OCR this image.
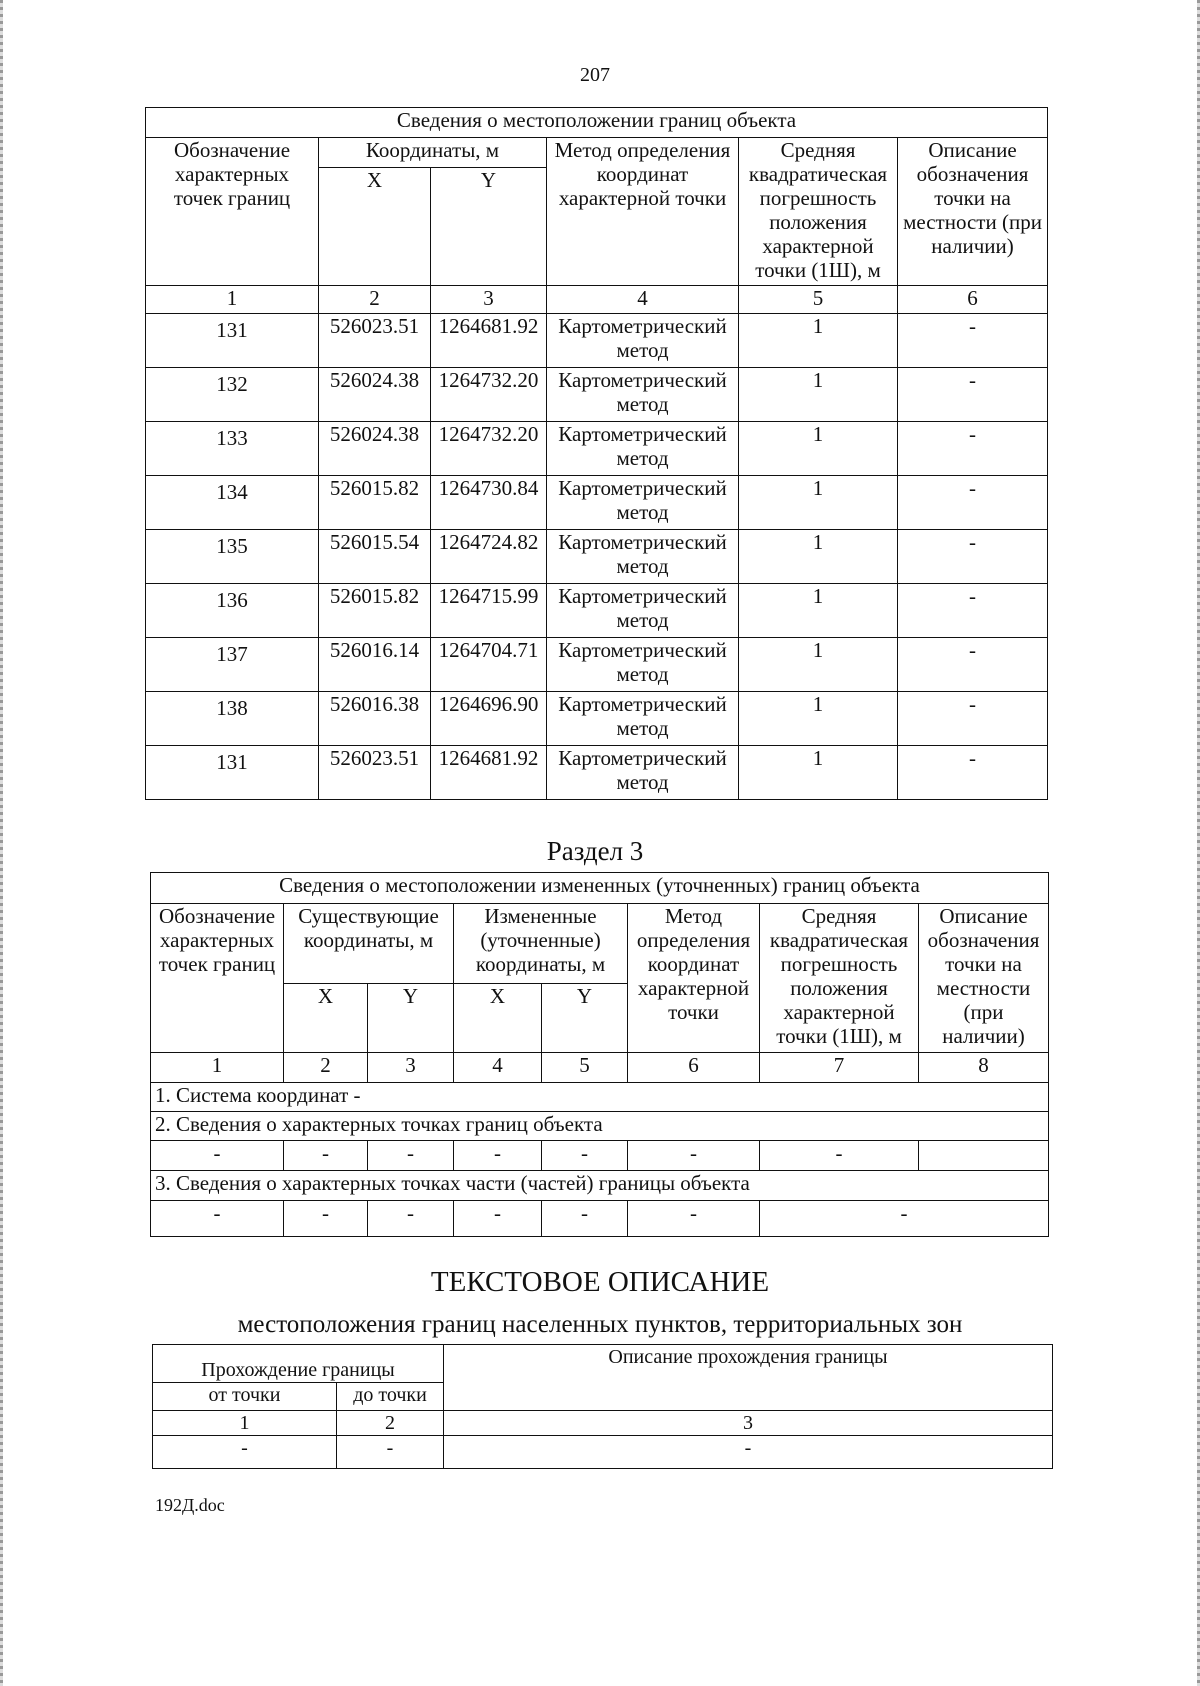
207
Сведения о местоположении границ объекта					
Обозначение характерных точек границ	Координаты, м		Метод определения координат характерной точки	Средняя квадратическая погрешность положения характерной точки (1Ш), м	Описание обозначения точки на местности (при наличии)
	X	Y			
1	2	3	4	5	6
131	526023.51	1264681.92	Картометрический метод	1	-
132	526024.38	1264732.20	Картометрический метод	1	-
133	526024.38	1264732.20	Картометрический метод	1	-
134	526015.82	1264730.84	Картометрический метод	1	-
135	526015.54	1264724.82	Картометрический метод	1	-
136	526015.82	1264715.99	Картометрический метод	1	-
137	526016.14	1264704.71	Картометрический метод	1	-
138	526016.38	1264696.90	Картометрический метод	1	-
131	526023.51	1264681.92	Картометрический метод	1	-
Раздел 3
Сведения о местоположении измененных (уточненных) границ объекта							
Обозначение характерных точек границ	Существующие координаты, м		Измененные (уточненные) координаты, м		Метод определения координат характерной точки	Средняя квадратическая погрешность положения характерной точки (1Ш), м	Описание обозначения точки на местности (при наличии)
	X	Y	X	Y			
1	2	3	4	5	6	7	8
1. Система координат -							
2. Сведения о характерных точках границ объекта							
-	-	-	-	-	-	-	
3. Сведения о характерных точках части (частей) границы объекта							
-	-	-	-	-	-	-	
ТЕКСТОВОЕ ОПИСАНИЕ
местоположения границ населенных пунктов, территориальных зон
Прохождение границы		Описание прохождения границы
от точки	до точки	
1	2	3
-	-	-
192Д.doc
